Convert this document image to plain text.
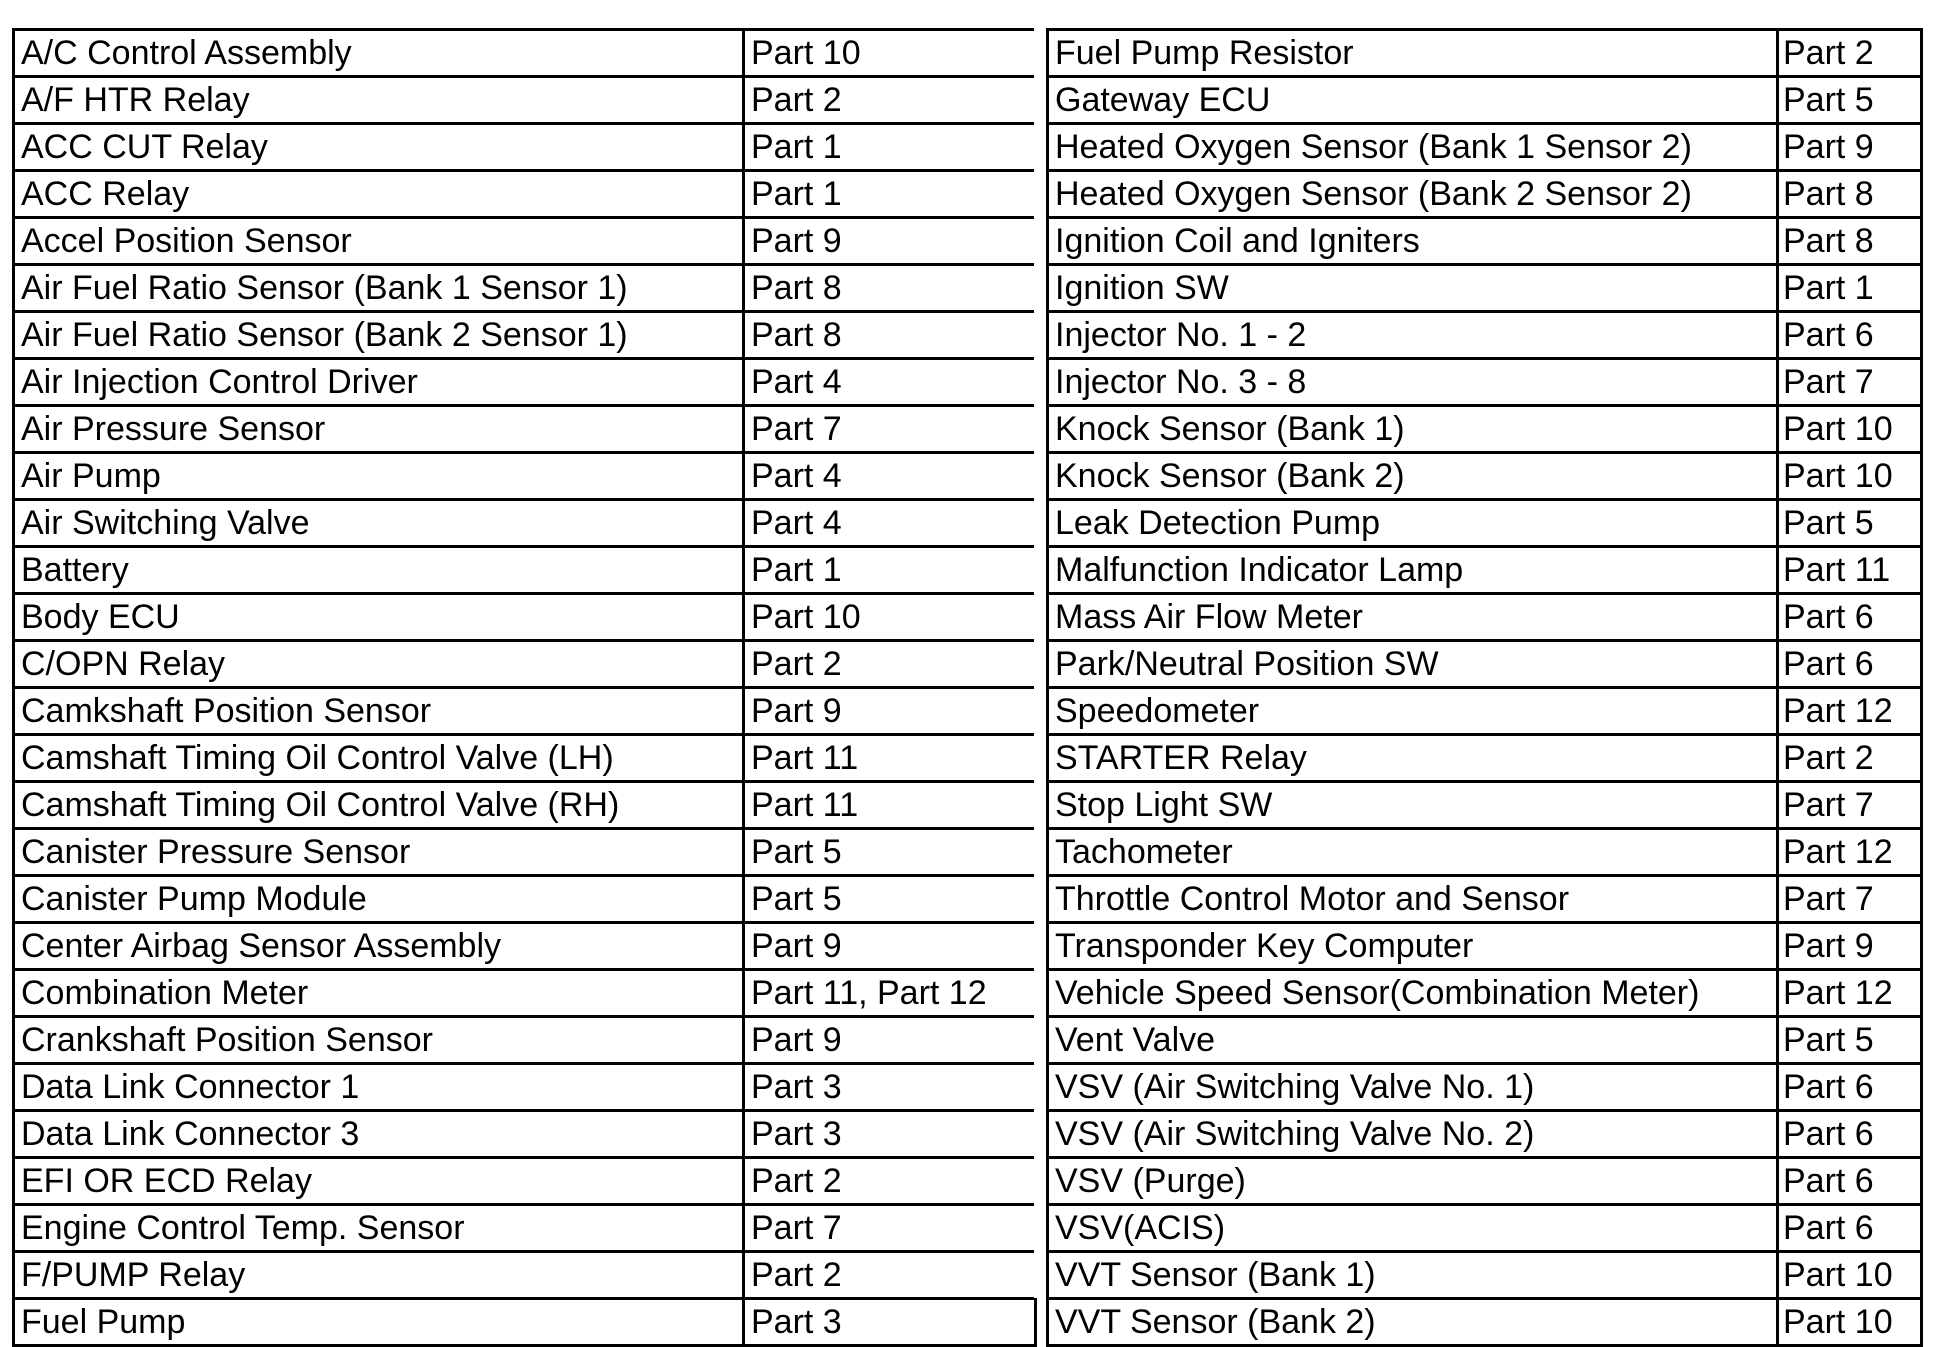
A/C Control Assembly	Part 10
A/F HTR Relay	Part 2
ACC CUT Relay	Part 1
ACC Relay	Part 1
Accel Position Sensor	Part 9
Air Fuel Ratio Sensor (Bank 1 Sensor 1)	Part 8
Air Fuel Ratio Sensor (Bank 2 Sensor 1)	Part 8
Air Injection Control Driver	Part 4
Air Pressure Sensor	Part 7
Air Pump	Part 4
Air Switching Valve	Part 4
Battery	Part 1
Body ECU	Part 10
C/OPN Relay	Part 2
Camkshaft Position Sensor	Part 9
Camshaft Timing Oil Control Valve (LH)	Part 11
Camshaft Timing Oil Control Valve (RH)	Part 11
Canister Pressure Sensor	Part 5
Canister Pump Module	Part 5
Center Airbag Sensor Assembly	Part 9
Combination Meter	Part 11, Part 12
Crankshaft Position Sensor	Part 9
Data Link Connector 1	Part 3
Data Link Connector 3	Part 3
EFI OR ECD Relay	Part 2
Engine Control Temp. Sensor	Part 7
F/PUMP Relay	Part 2
Fuel Pump	Part 3
Fuel Pump Resistor	Part 2
Gateway ECU	Part 5
Heated Oxygen Sensor (Bank 1 Sensor 2)	Part 9
Heated Oxygen Sensor (Bank 2 Sensor 2)	Part 8
Ignition Coil and Igniters	Part 8
Ignition SW	Part 1
Injector No. 1 - 2	Part 6
Injector No. 3 - 8	Part 7
Knock Sensor (Bank 1)	Part 10
Knock Sensor (Bank 2)	Part 10
Leak Detection Pump	Part 5
Malfunction Indicator Lamp	Part 11
Mass Air Flow Meter	Part 6
Park/Neutral Position SW	Part 6
Speedometer	Part 12
STARTER Relay	Part 2
Stop Light SW	Part 7
Tachometer	Part 12
Throttle Control Motor and Sensor	Part 7
Transponder Key Computer	Part 9
Vehicle Speed Sensor(Combination Meter)	Part 12
Vent Valve	Part 5
VSV (Air Switching Valve No. 1)	Part 6
VSV (Air Switching Valve No. 2)	Part 6
VSV (Purge)	Part 6
VSV(ACIS)	Part 6
VVT Sensor (Bank 1)	Part 10
VVT Sensor (Bank 2)	Part 10
